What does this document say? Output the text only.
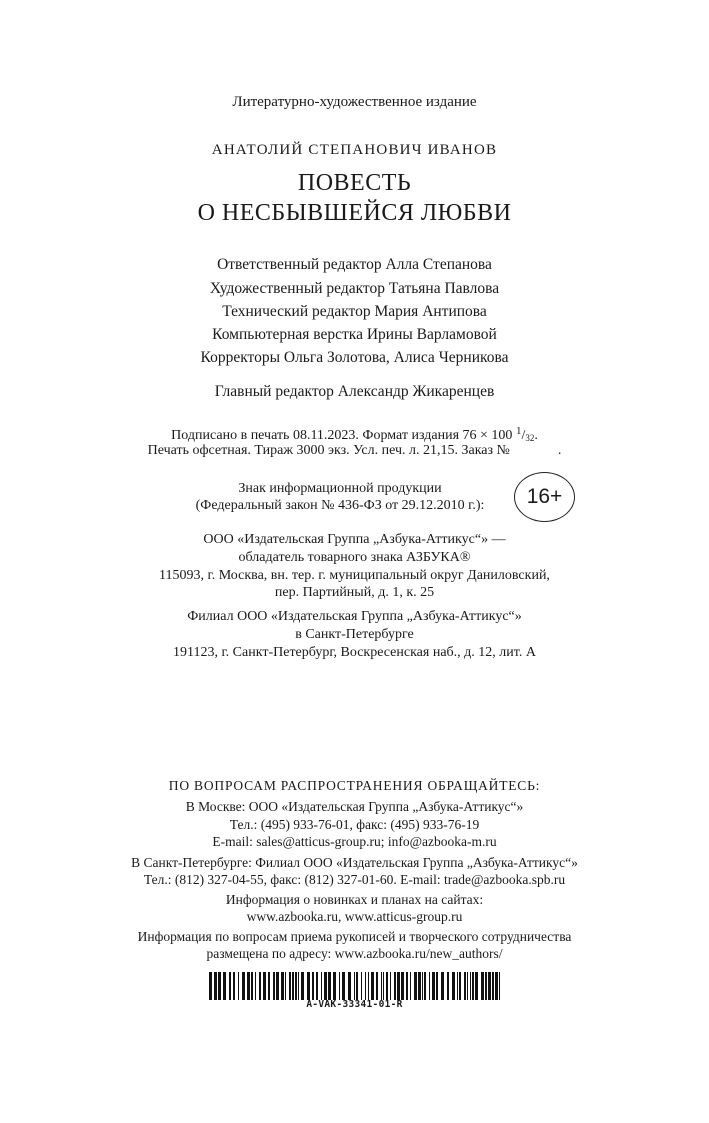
Литературно-художественное издание
АНАТОЛИЙ СТЕПАНОВИЧ ИВАНОВ
ПОВЕСТЬ
О НЕСБЫВШЕЙСЯ ЛЮБВИ
Ответственный редактор Алла Степанова
Художественный редактор Татьяна Павлова
Технический редактор Мария Антипова
Компьютерная верстка Ирины Варламовой
Корректоры Ольга Золотова, Алиса Черникова
Главный редактор Александр Жикаренцев
Подписано в печать 08.11.2023. Формат издания 76 × 100 $^1/_{32}$.
Печать офсетная. Тираж 3000 экз. Усл. печ. л. 21,15. Заказ №	.
Знак информационной продукции
(Федеральный закон № 436-ФЗ от 29.12.2010 г.):	16+
ООО «Издательская Группа „Азбука-Аттикус“» —
обладатель товарного знака АЗБУКА®
115093, г. Москва, вн. тер. г. муниципальный округ Даниловский,
пер. Партийный, д. 1, к. 25
Филиал ООО «Издательская Группа „Азбука-Аттикус“»
в Санкт-Петербурге
191123, г. Санкт-Петербург, Воскресенская наб., д. 12, лит. А
ПО ВОПРОСАМ РАСПРОСТРАНЕНИЯ ОБРАЩАЙТЕСЬ:
В Москве: ООО «Издательская Группа „Азбука-Аттикус“»
Тел.: (495) 933-76-01, факс: (495) 933-76-19
E-mail: sales@atticus-group.ru; info@azbooka-m.ru
В Санкт-Петербурге: Филиал ООО «Издательская Группа „Азбука-Аттикус“»
Тел.: (812) 327-04-55, факс: (812) 327-01-60. E-mail: trade@azbooka.spb.ru
Информация о новинках и планах на сайтах:
www.azbooka.ru, www.atticus-group.ru
Информация по вопросам приема рукописей и творческого сотрудничества
размещена по адресу: www.azbooka.ru/new_authors/
A-VAK-33341-01-R
